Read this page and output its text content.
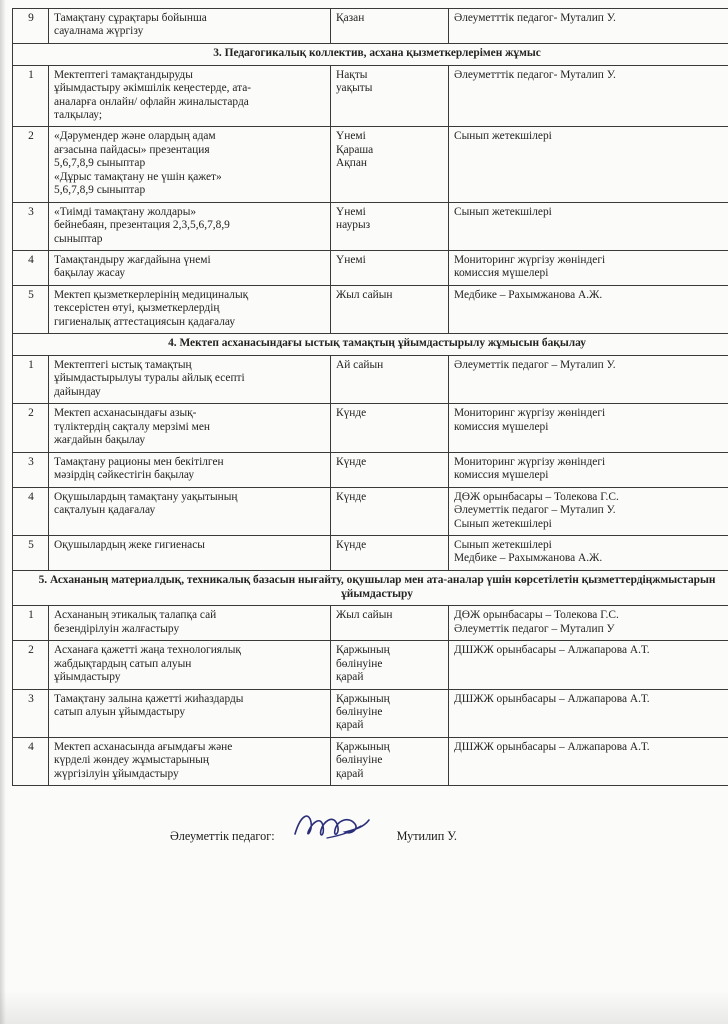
9	Тамақтану сұрақтары бойынша
сауалнама жүргізу	Қазан	Әлеуметттік педагог- Муталип У.

3. Педагогикалық коллектив, асхана қызметкерлерімен жұмыс			
1	Мектептегі тамақтандыруды
ұйымдастыру әкімшілік кеңестерде, ата-
аналарға онлайн/ офлайн жиналыстарда
талқылау;	Нақты
уақыты	Әлеуметттік педагог- Муталип У.

2	«Дәрумендер және олардың адам
ағзасына пайдасы» презентация
5,6,7,8,9 сыныптар
«Дұрыс тамақтану не үшін қажет»
5,6,7,8,9 сыныптар	Үнемі
Қараша
Ақпан	Сынып жетекшілері

3	«Тиімді тамақтану жолдары»
бейнебаян, презентация 2,3,5,6,7,8,9
сыныптар	Үнемі
наурыз	Сынып жетекшілері

4	Тамақтандыру жағдайына үнемі
бақылау жасау	Үнемі	Мониторинг жүргізу жөніндегі
комиссия мүшелері

5	Мектеп қызметкерлерінің медициналық
тексерістен өтуі, қызметкерлердің
гигиеналық аттестациясын қадағалау	Жыл сайын	Медбике – Рахымжанова А.Ж.

4. Мектеп асханасындағы ыстық тамақтың ұйымдастырылу жұмысын бақылау			
1	Мектептегі ыстық тамақтың
ұйымдастырылуы туралы айлық есепті
дайындау	Ай сайын	Әлеуметтік педагог – Муталип У.

2	Мектеп асханасындағы азық-
түліктердің сақталу мерзімі мен
жағдайын бақылау	Күнде	Мониторинг жүргізу жөніндегі
комиссия мүшелері

3	Тамақтану рационы мен бекітілген
мәзірдің сәйкестігін бақылау	Күнде	Мониторинг жүргізу жөніндегі
комиссия мүшелері

4	Оқушылардың тамақтану уақытының
сақталуын қадағалау	Күнде	ДӨЖ орынбасары – Толекова Г.С.
Әлеуметтік педагог – Муталип У.
Сынып жетекшілері

5	Оқушылардың жеке гигиенасы	Күнде	Сынып жетекшілері
Медбике – Рахымжанова А.Ж.

5. Асхананың материалдық, техникалық базасын нығайту, оқушылар мен ата-аналар үшін көрсетілетін қызметтердіңжмыстарын ұйымдастыру			
1	Асхананың этикалық талапқа сай
безендірілуін жалғастыру	Жыл сайын	ДӨЖ орынбасары – Толекова Г.С.
Әлеуметтік педагог – Муталип У

2	Асханаға қажетті жаңа технологиялық
жабдықтардың сатып алуын
ұйымдастыру	Қаржының
бөлінуіне
қарай	ДШЖЖ орынбасары – Алжапарова А.Т.

3	Тамақтану залына қажетті жиһаздарды
сатып алуын ұйымдастыру	Қаржының
бөлінуіне
қарай	ДШЖЖ орынбасары – Алжапарова А.Т.

4	Мектеп асханасында ағымдағы және
күрделі жөндеу жұмыстарының
жүргізілуін ұйымдастыру	Қаржының
бөлінуіне
қарай	ДШЖЖ орынбасары – Алжапарова А.Т.
Әлеуметтік педагог:	Мутилип У.
